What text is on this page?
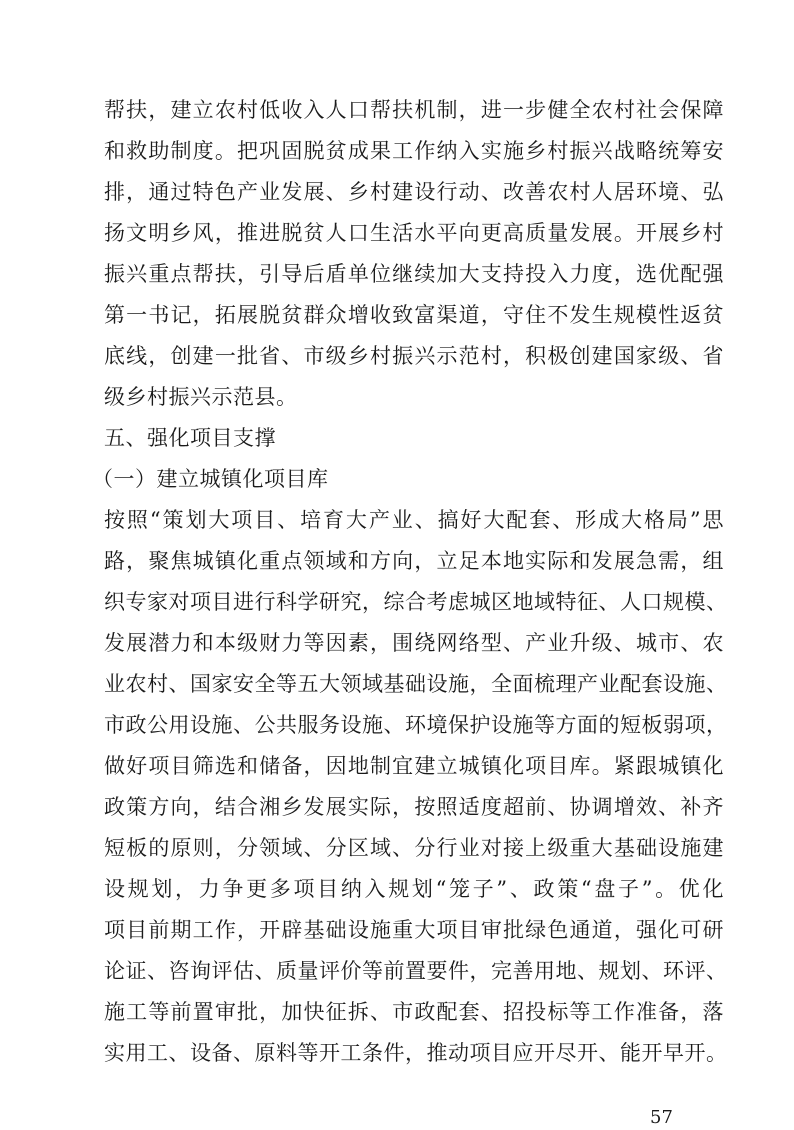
帮扶，建立农村低收入人口帮扶机制，进一步健全农村社会保障
和救助制度。把巩固脱贫成果工作纳入实施乡村振兴战略统筹安
排，通过特色产业发展、乡村建设行动、改善农村人居环境、弘
扬文明乡风，推进脱贫人口生活水平向更高质量发展。开展乡村
振兴重点帮扶，引导后盾单位继续加大支持投入力度，选优配强
第一书记，拓展脱贫群众增收致富渠道，守住不发生规模性返贫
底线，创建一批省、市级乡村振兴示范村，积极创建国家级、省
级乡村振兴示范县。
五、强化项目支撑
（一）建立城镇化项目库
按照“策划大项目、培育大产业、搞好大配套、形成大格局”思
路，聚焦城镇化重点领域和方向，立足本地实际和发展急需，组
织专家对项目进行科学研究，综合考虑城区地域特征、人口规模、
发展潜力和本级财力等因素，围绕网络型、产业升级、城市、农
业农村、国家安全等五大领域基础设施，全面梳理产业配套设施、
市政公用设施、公共服务设施、环境保护设施等方面的短板弱项，
做好项目筛选和储备，因地制宜建立城镇化项目库。紧跟城镇化
政策方向，结合湘乡发展实际，按照适度超前、协调增效、补齐
短板的原则，分领域、分区域、分行业对接上级重大基础设施建
设规划，力争更多项目纳入规划“笼子”、政策“盘子”。优化
项目前期工作，开辟基础设施重大项目审批绿色通道，强化可研
论证、咨询评估、质量评价等前置要件，完善用地、规划、环评、
施工等前置审批，加快征拆、市政配套、招投标等工作准备，落
实用工、设备、原料等开工条件，推动项目应开尽开、能开早开。
57
